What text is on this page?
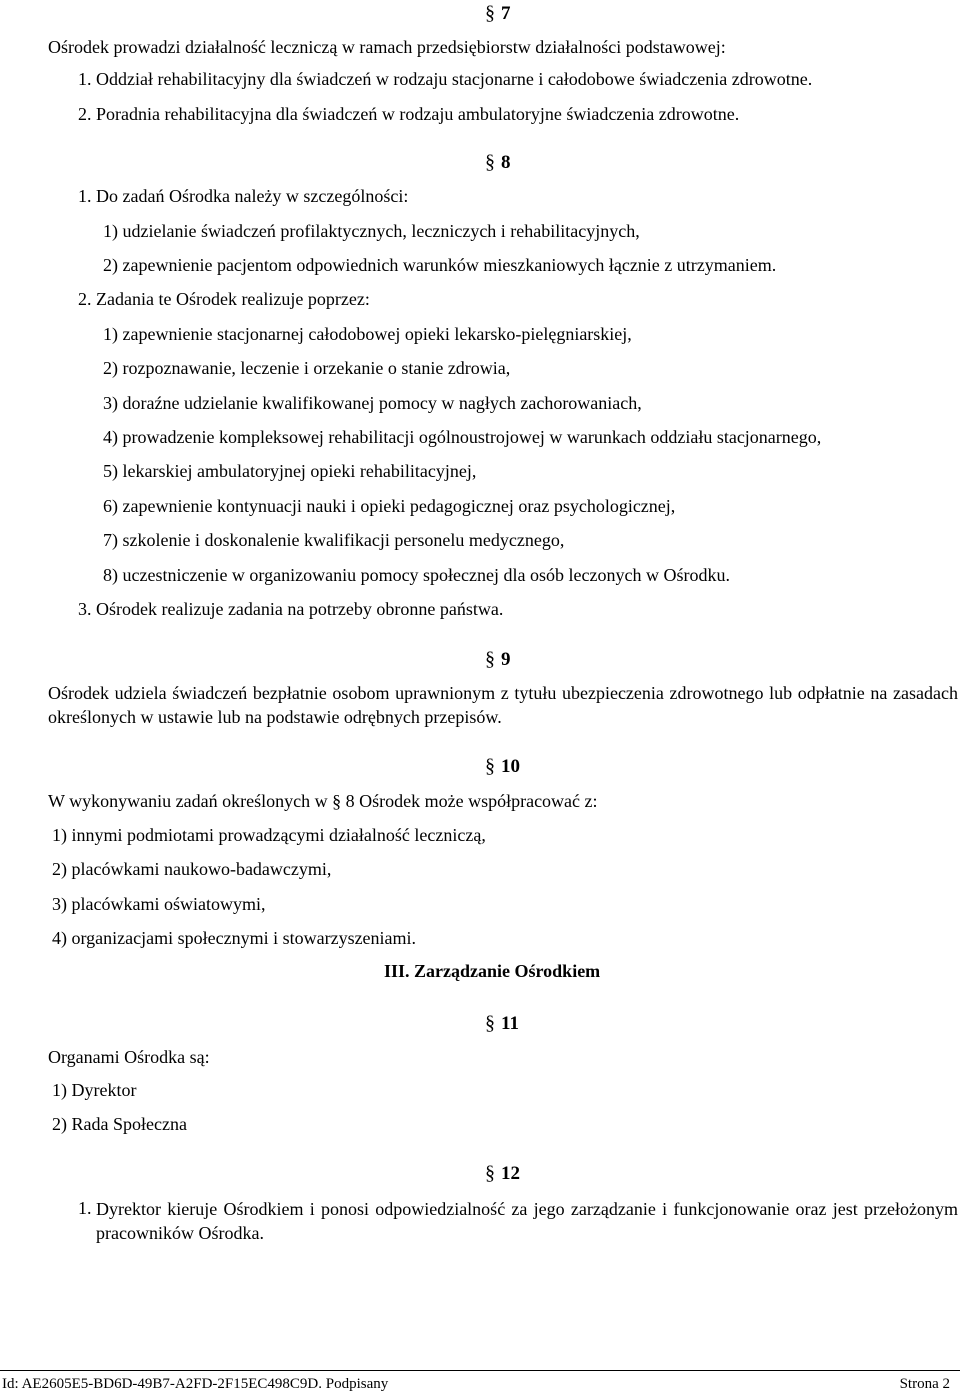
§ 7
Ośrodek prowadzi działalność leczniczą w ramach przedsiębiorstw działalności podstawowej:
1. Oddział rehabilitacyjny dla świadczeń w rodzaju stacjonarne i całodobowe świadczenia zdrowotne.
2. Poradnia rehabilitacyjna dla świadczeń w rodzaju ambulatoryjne świadczenia zdrowotne.
§ 8
1. Do zadań Ośrodka należy w szczególności:
1) udzielanie świadczeń profilaktycznych, leczniczych i rehabilitacyjnych,
2) zapewnienie pacjentom odpowiednich warunków mieszkaniowych łącznie z utrzymaniem.
2. Zadania te Ośrodek realizuje poprzez:
1) zapewnienie stacjonarnej całodobowej opieki lekarsko-pielęgniarskiej,
2) rozpoznawanie, leczenie i orzekanie o stanie zdrowia,
3) doraźne udzielanie kwalifikowanej pomocy w nagłych zachorowaniach,
4) prowadzenie kompleksowej rehabilitacji ogólnoustrojowej w warunkach oddziału stacjonarnego,
5) lekarskiej ambulatoryjnej opieki rehabilitacyjnej,
6) zapewnienie kontynuacji nauki i opieki pedagogicznej oraz psychologicznej,
7) szkolenie i doskonalenie kwalifikacji personelu medycznego,
8) uczestniczenie w organizowaniu pomocy społecznej dla osób leczonych w Ośrodku.
3. Ośrodek realizuje zadania na potrzeby obronne państwa.
§ 9
Ośrodek udziela świadczeń bezpłatnie osobom uprawnionym z tytułu ubezpieczenia zdrowotnego lub odpłatnie na zasadach określonych w ustawie lub na podstawie odrębnych przepisów.
§ 10
W wykonywaniu zadań określonych w § 8 Ośrodek może współpracować z:
1) innymi podmiotami prowadzącymi działalność leczniczą,
2) placówkami naukowo-badawczymi,
3) placówkami oświatowymi,
4) organizacjami społecznymi i stowarzyszeniami.
III. Zarządzanie Ośrodkiem
§ 11
Organami Ośrodka są:
1) Dyrektor
2) Rada Społeczna
§ 12
1. Dyrektor kieruje Ośrodkiem i ponosi odpowiedzialność za jego zarządzanie i funkcjonowanie oraz jest przełożonym pracowników Ośrodka.
Id: AE2605E5-BD6D-49B7-A2FD-2F15EC498C9D. Podpisany	Strona 2
